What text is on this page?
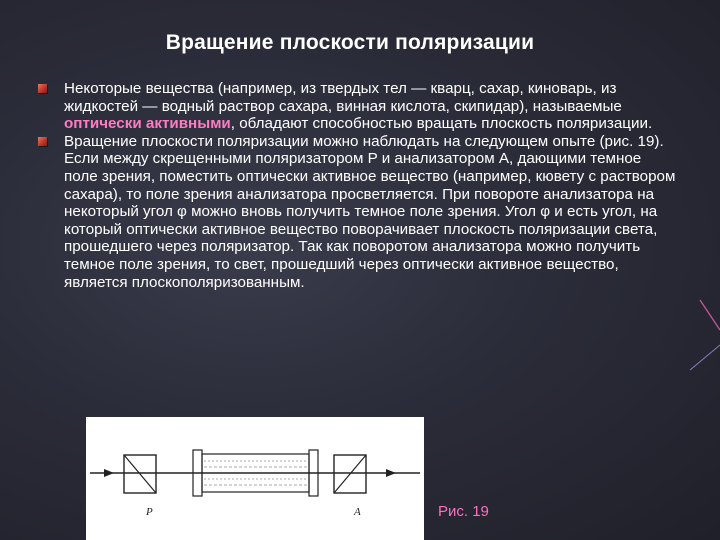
Вращение плоскости поляризации
Некоторые вещества (например, из твердых тел — кварц, сахар, киноварь, из жидкостей — водный раствор сахара, винная кислота, скипидар), называемые оптически активными, обладают способностью вращать плоскость поляризации.
Вращение плоскости поляризации можно наблюдать на следующем опыте (рис. 19). Если между скрещенными поляризатором P и анализатором A, дающими темное поле зрения, поместить оптически активное вещество (например, кювету с раствором сахара), то поле зрения анализатора просветляется. При повороте анализатора на некоторый угол φ можно вновь получить темное поле зрения. Угол φ и есть угол, на который оптически активное вещество поворачивает плоскость поляризации света, прошедшего через поляризатор. Так как поворотом анализатора можно получить темное поле зрения, то свет, прошедший через оптически активное вещество, является плоскополяризованным.
P	A	Рис. 19
